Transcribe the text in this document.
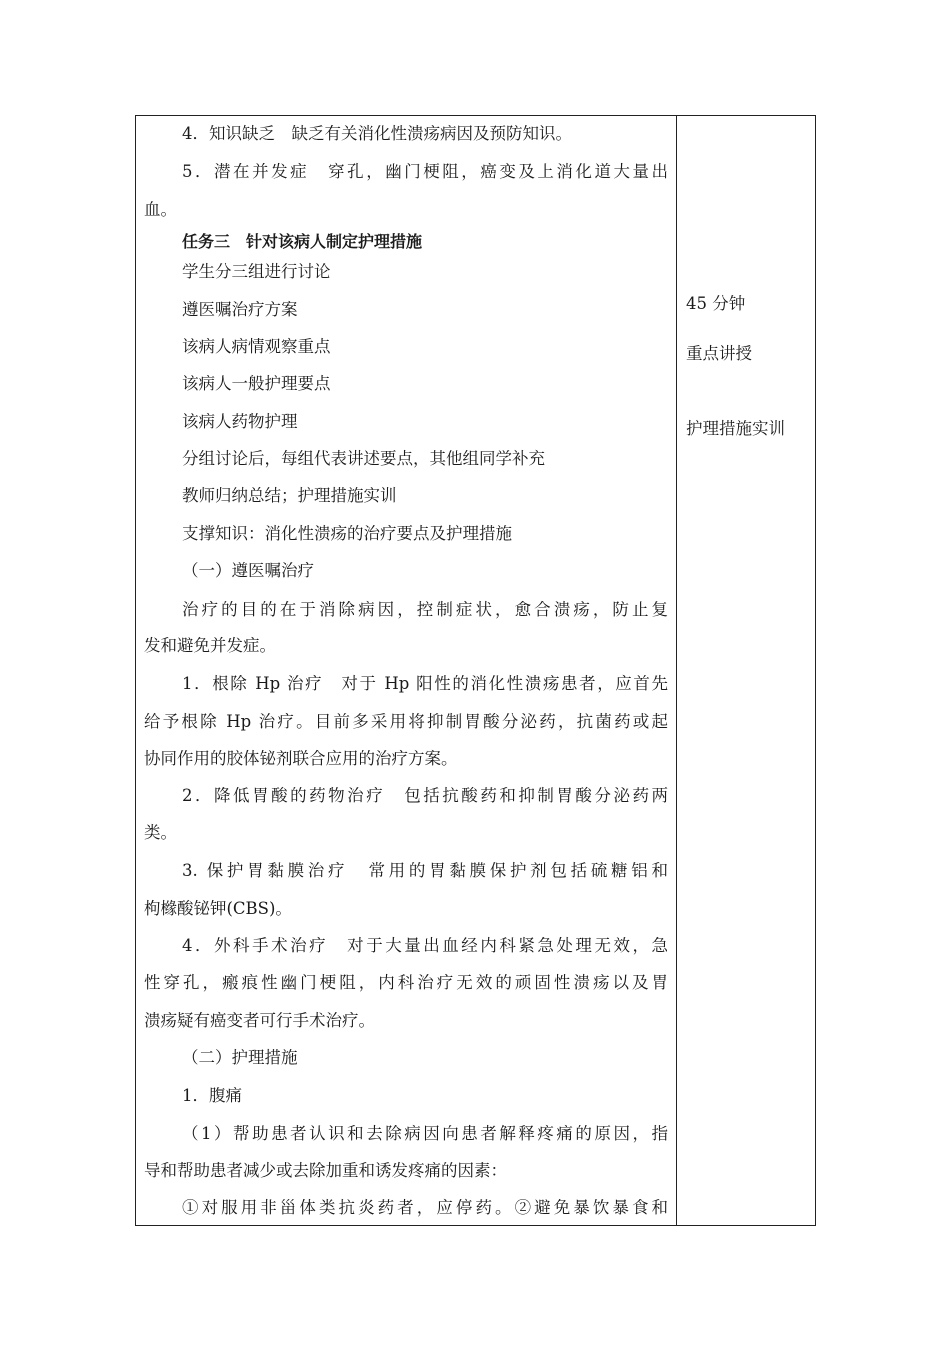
4．知识缺乏　缺乏有关消化性溃疡病因及预防知识。
5．潜在并发症　穿孔，幽门梗阻，癌变及上消化道大量出
血。
任务三　针对该病人制定护理措施
学生分三组进行讨论
遵医嘱治疗方案
该病人病情观察重点
该病人一般护理要点
该病人药物护理
分组讨论后，每组代表讲述要点，其他组同学补充
教师归纳总结；护理措施实训
支撑知识：消化性溃疡的治疗要点及护理措施
（一）遵医嘱治疗
治疗的目的在于消除病因，控制症状，愈合溃疡，防止复
发和避免并发症。
1．根除 Hp 治疗　对于 Hp 阳性的消化性溃疡患者，应首先
给予根除 Hp 治疗。目前多采用将抑制胃酸分泌药，抗菌药或起
协同作用的胶体铋剂联合应用的治疗方案。
2．降低胃酸的药物治疗　包括抗酸药和抑制胃酸分泌药两
类。
3. 保护胃黏膜治疗　常用的胃黏膜保护剂包括硫糖铝和
枸橼酸铋钾(CBS)。
4．外科手术治疗　对于大量出血经内科紧急处理无效，急
性穿孔，瘢痕性幽门梗阻，内科治疗无效的顽固性溃疡以及胃
溃疡疑有癌变者可行手术治疗。
（二）护理措施
1．腹痛
（1）帮助患者认识和去除病因向患者解释疼痛的原因，指
导和帮助患者减少或去除加重和诱发疼痛的因素：
①对服用非甾体类抗炎药者，应停药。②避免暴饮暴食和
45 分钟
重点讲授
护理措施实训
